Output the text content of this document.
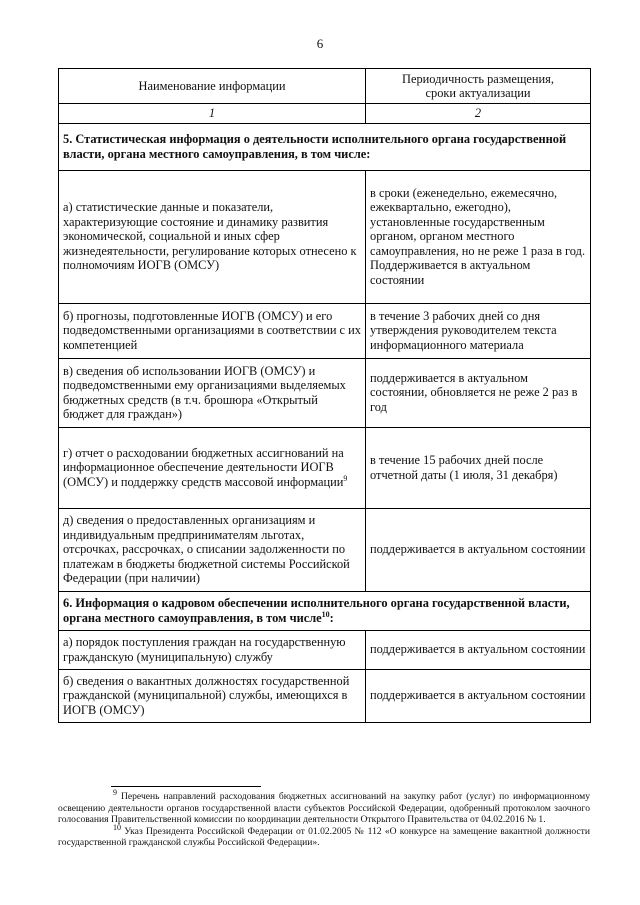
6
Наименование информации	Периодичность размещения,
сроки актуализации
1	2
5. Статистическая информация о деятельности исполнительного органа государственной власти, органа местного самоуправления, в том числе:	
а) статистические данные и показатели, характеризующие состояние и динамику развития экономической, социальной и иных сфер жизнедеятельности, регулирование которых отнесено к полномочиям ИОГВ (ОМСУ)	в сроки (еженедельно, ежемесячно, ежеквартально, ежегодно), установленные государственным органом, органом местного самоуправления, но не реже 1 раза в год.
Поддерживается в актуальном состоянии
б) прогнозы, подготовленные ИОГВ (ОМСУ) и его подведомственными организациями в соответствии с их компетенцией	в течение 3 рабочих дней со дня утверждения руководителем текста информационного материала
в) сведения об использовании ИОГВ (ОМСУ) и подведомственными ему организациями выделяемых бюджетных средств (в т.ч. брошюра «Открытый бюджет для граждан»)	поддерживается в актуальном состоянии, обновляется не реже 2 раз в год
г) отчет о расходовании бюджетных ассигнований на информационное обеспечение деятельности ИОГВ (ОМСУ) и поддержку средств массовой информации$^9$	в течение 15 рабочих дней после отчетной даты (1 июля, 31 декабря)
д) сведения о предоставленных организациям и индивидуальным предпринимателям льготах, отсрочках, рассрочках, о списании задолженности по платежам в бюджеты бюджетной системы Российской Федерации (при наличии)	поддерживается в актуальном состоянии
6. Информация о кадровом обеспечении исполнительного органа государственной власти, органа местного самоуправления, в том числе$^{10}$:	
а) порядок поступления граждан на государственную гражданскую (муниципальную) службу	поддерживается в актуальном состоянии
б) сведения о вакантных должностях государственной гражданской (муниципальной) службы, имеющихся в ИОГВ (ОМСУ)	поддерживается в актуальном состоянии

$^9$ Перечень направлений расходования бюджетных ассигнований на закупку работ (услуг) по информационному освещению деятельности органов государственной власти субъектов Российской Федерации, одобренный протоколом заочного голосования Правительственной комиссии по координации деятельности Открытого Правительства от 04.02.2016 № 1.

$^{10}$ Указ Президента Российской Федерации от 01.02.2005 № 112 «О конкурсе на замещение вакантной должности государственной гражданской службы Российской Федерации».
